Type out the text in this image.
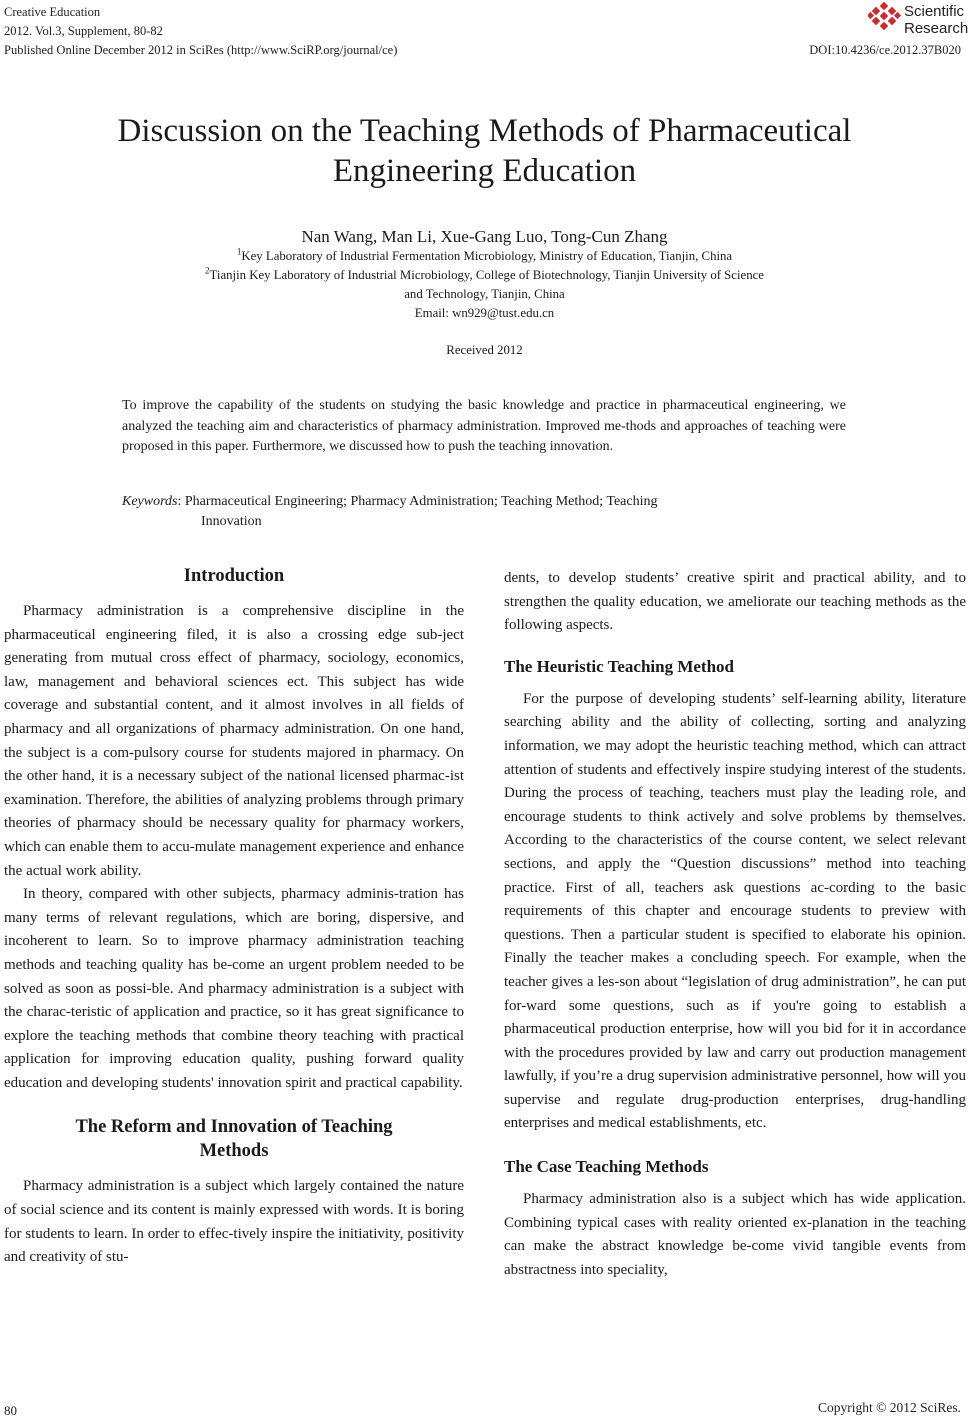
Creative Education
2012. Vol.3, Supplement, 80-82
Published Online December 2012 in SciRes (http://www.SciRP.org/journal/ce)	DOI:10.4236/ce.2012.37B020
Scientific
Research
Discussion on the Teaching Methods of Pharmaceutical
Engineering Education
Nan Wang, Man Li, Xue-Gang Luo, Tong-Cun Zhang
$^1$Key Laboratory of Industrial Fermentation Microbiology, Ministry of Education, Tianjin, China
$^2$Tianjin Key Laboratory of Industrial Microbiology, College of Biotechnology, Tianjin University of Science
and Technology, Tianjin, China
Email: wn929@tust.edu.cn
Received 2012
To improve the capability of the students on studying the basic knowledge and practice in pharmaceutical engineering, we analyzed the teaching aim and characteristics of pharmacy administration. Improved me-thods and approaches of teaching were proposed in this paper. Furthermore, we discussed how to push the teaching innovation.
Keywords: Pharmaceutical Engineering; Pharmacy Administration; Teaching Method; Teaching
Innovation
Introduction

Pharmacy administration is a comprehensive discipline in the pharmaceutical engineering filed, it is also a crossing edge sub-ject generating from mutual cross effect of pharmacy, sociology, economics, law, management and behavioral sciences ect. This subject has wide coverage and substantial content, and it almost involves in all fields of pharmacy and all organizations of pharmacy administration. On one hand, the subject is a com-pulsory course for students majored in pharmacy. On the other hand, it is a necessary subject of the national licensed pharmac-ist examination. Therefore, the abilities of analyzing problems through primary theories of pharmacy should be necessary quality for pharmacy workers, which can enable them to accu-mulate management experience and enhance the actual work ability.

In theory, compared with other subjects, pharmacy adminis-tration has many terms of relevant regulations, which are boring, dispersive, and incoherent to learn. So to improve pharmacy administration teaching methods and teaching quality has be-come an urgent problem needed to be solved as soon as possi-ble. And pharmacy administration is a subject with the charac-teristic of application and practice, so it has great significance to explore the teaching methods that combine theory teaching with practical application for improving education quality, pushing forward quality education and developing students' innovation spirit and practical capability.

The Reform and Innovation of Teaching
Methods

Pharmacy administration is a subject which largely contained the nature of social science and its content is mainly expressed with words. It is boring for students to learn. In order to effec-tively inspire the initiativity, positivity and creativity of stu-

dents, to develop students’ creative spirit and practical ability, and to strengthen the quality education, we ameliorate our teaching methods as the following aspects.

The Heuristic Teaching Method

For the purpose of developing students’ self-learning ability, literature searching ability and the ability of collecting, sorting and analyzing information, we may adopt the heuristic teaching method, which can attract attention of students and effectively inspire studying interest of the students. During the process of teaching, teachers must play the leading role, and encourage students to think actively and solve problems by themselves. According to the characteristics of the course content, we select relevant sections, and apply the “Question discussions” method into teaching practice. First of all, teachers ask questions ac-cording to the basic requirements of this chapter and encourage students to preview with questions. Then a particular student is specified to elaborate his opinion. Finally the teacher makes a concluding speech. For example, when the teacher gives a les-son about “legislation of drug administration”, he can put for-ward some questions, such as if you're going to establish a pharmaceutical production enterprise, how will you bid for it in accordance with the procedures provided by law and carry out production management lawfully, if you’re a drug supervision administrative personnel, how will you supervise and regulate drug-production enterprises, drug-handling enterprises and medical establishments, etc.

The Case Teaching Methods

Pharmacy administration also is a subject which has wide application. Combining typical cases with reality oriented ex-planation in the teaching can make the abstract knowledge be-come vivid tangible events from abstractness into speciality,

80	Copyright © 2012 SciRes.
